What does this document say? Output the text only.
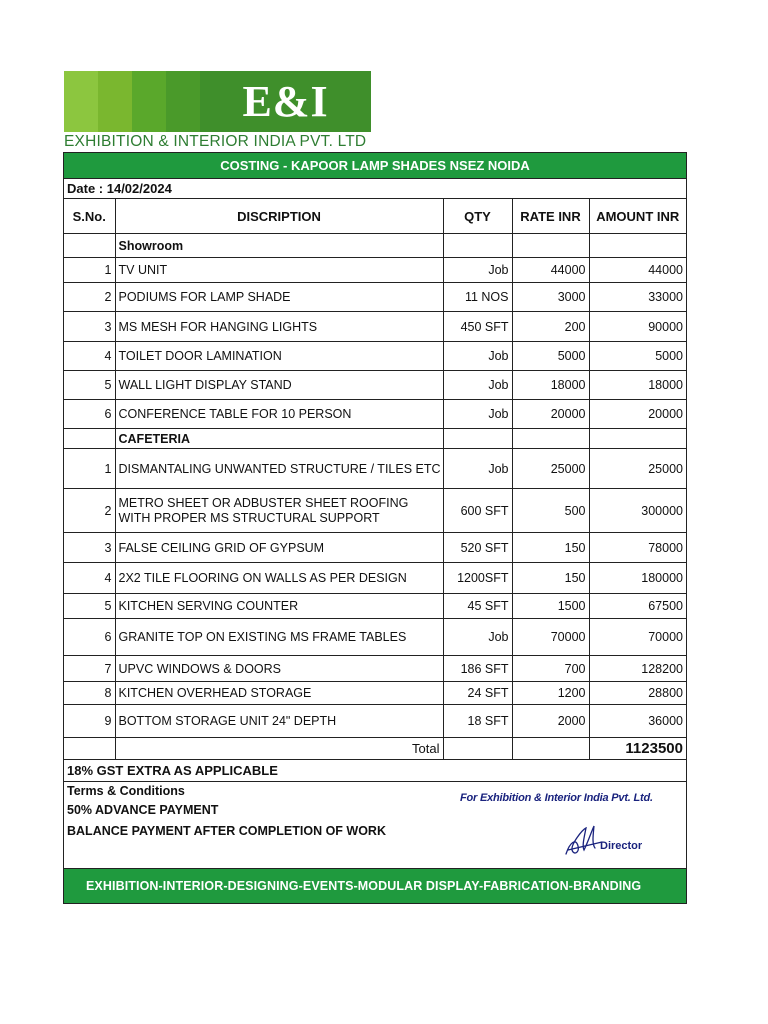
E&I
EXHIBITION & INTERIOR INDIA PVT. LTD
COSTING - KAPOOR LAMP SHADES NSEZ NOIDA
Date : 14/02/2024
S.No.	DISCRIPTION	QTY	RATE INR	AMOUNT INR
	Showroom			
1	TV UNIT	Job	44000	44000
2	PODIUMS FOR LAMP SHADE	11 NOS	3000	33000
3	MS MESH FOR HANGING LIGHTS	450 SFT	200	90000
4	TOILET DOOR LAMINATION	Job	5000	5000
5	WALL LIGHT DISPLAY STAND	Job	18000	18000
6	CONFERENCE TABLE FOR 10 PERSON	Job	20000	20000
	CAFETERIA			
1	DISMANTALING UNWANTED STRUCTURE / TILES ETC	Job	25000	25000
2	METRO SHEET OR ADBUSTER SHEET ROOFING WITH PROPER MS STRUCTURAL SUPPORT	600 SFT	500	300000
3	FALSE CEILING GRID OF GYPSUM	520 SFT	150	78000
4	2X2 TILE FLOORING ON WALLS AS PER DESIGN	1200SFT	150	180000
5	KITCHEN SERVING COUNTER	45 SFT	1500	67500
6	GRANITE TOP ON EXISTING MS FRAME TABLES	Job	70000	70000
7	UPVC WINDOWS & DOORS	186 SFT	700	128200
8	KITCHEN OVERHEAD STORAGE	24 SFT	1200	28800
9	BOTTOM STORAGE UNIT 24" DEPTH	18 SFT	2000	36000
	Total			1123500
18% GST EXTRA AS APPLICABLE
Terms & Conditions
50% ADVANCE PAYMENT
BALANCE PAYMENT AFTER COMPLETION OF WORK
For Exhibition & Interior India Pvt. Ltd.
Director
EXHIBITION-INTERIOR-DESIGNING-EVENTS-MODULAR DISPLAY-FABRICATION-BRANDING
